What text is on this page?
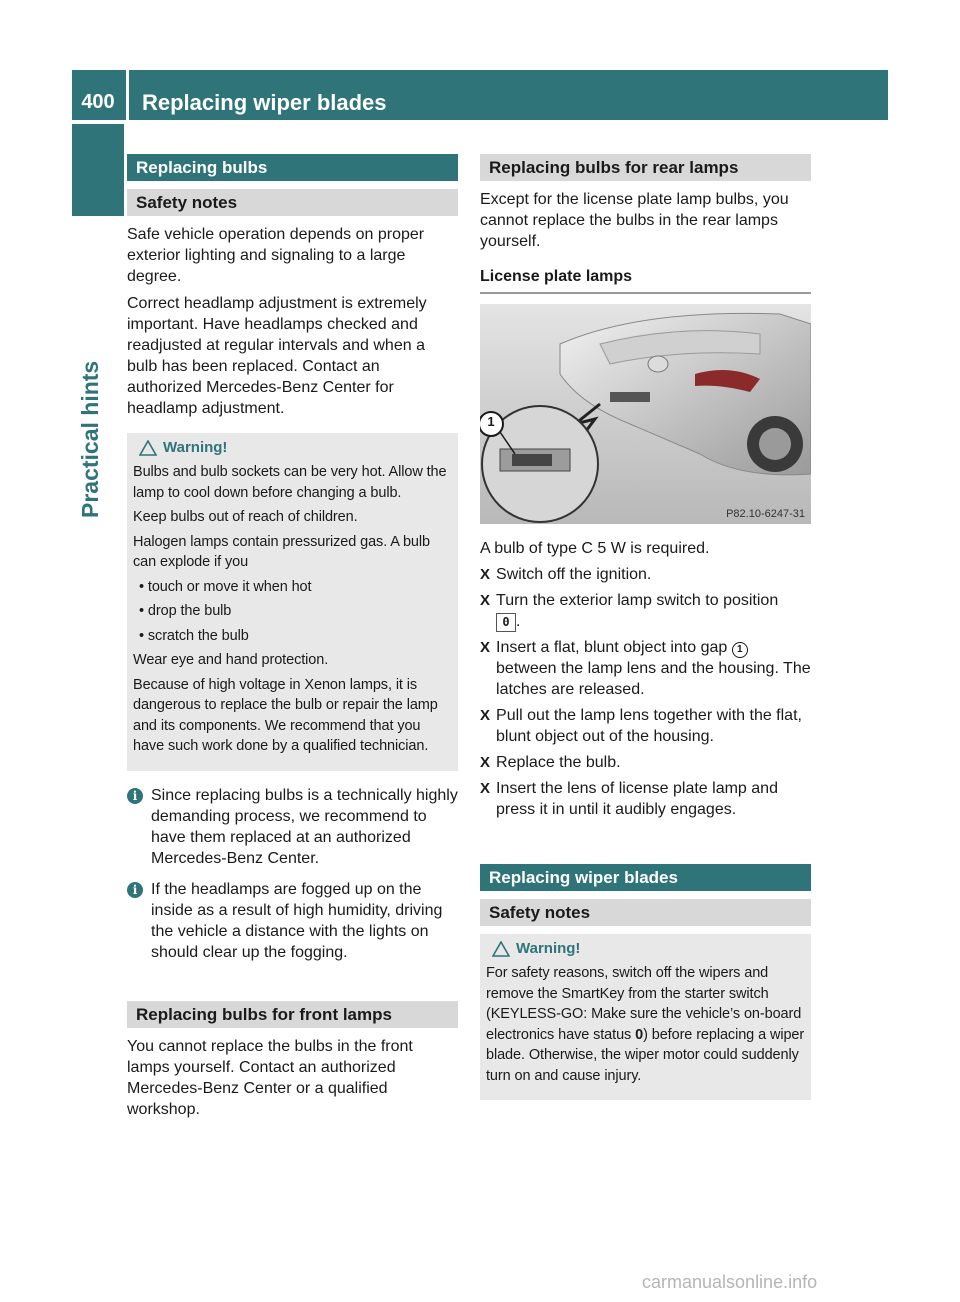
400	Replacing wiper blades
Practical hints
Replacing bulbs
Safety notes

Safe vehicle operation depends on proper exterior lighting and signaling to a large degree.

Correct headlamp adjustment is extremely important. Have headlamps checked and readjusted at regular intervals and when a bulb has been replaced. Contact an authorized Mercedes-Benz Center for headlamp adjustment.

Warning!

Bulbs and bulb sockets can be very hot. Allow the lamp to cool down before changing a bulb.

Keep bulbs out of reach of children.

Halogen lamps contain pressurized gas. A bulb can explode if you

• touch or move it when hot

• drop the bulb

• scratch the bulb

Wear eye and hand protection.

Because of high voltage in Xenon lamps, it is dangerous to replace the bulb or repair the lamp and its components. We recommend that you have such work done by a qualified technician.

i Since replacing bulbs is a technically highly demanding process, we recommend to have them replaced at an authorized Mercedes-Benz Center.

i If the headlamps are fogged up on the inside as a result of high humidity, driving the vehicle a distance with the lights on should clear up the fogging.

Replacing bulbs for front lamps

You cannot replace the bulbs in the front lamps yourself. Contact an authorized Mercedes-Benz Center or a qualified workshop.

Replacing bulbs for rear lamps

Except for the license plate lamp bulbs, you cannot replace the bulbs in the rear lamps yourself.

License plate lamps
1
P82.10-6247-31

A bulb of type C 5 W is required.

X Switch off the ignition.

X Turn the exterior lamp switch to position
0 .

X Insert a flat, blunt object into gap 1 between the lamp lens and the housing. The latches are released.

X Pull out the lamp lens together with the flat, blunt object out of the housing.

X Replace the bulb.

X Insert the lens of license plate lamp and press it in until it audibly engages.

Replacing wiper blades
Safety notes
Warning!

For safety reasons, switch off the wipers and remove the SmartKey from the starter switch (KEYLESS-GO: Make sure the vehicle’s on-board electronics have status 0) before replacing a wiper blade. Otherwise, the wiper motor could suddenly turn on and cause injury.

carmanualsonline.info
